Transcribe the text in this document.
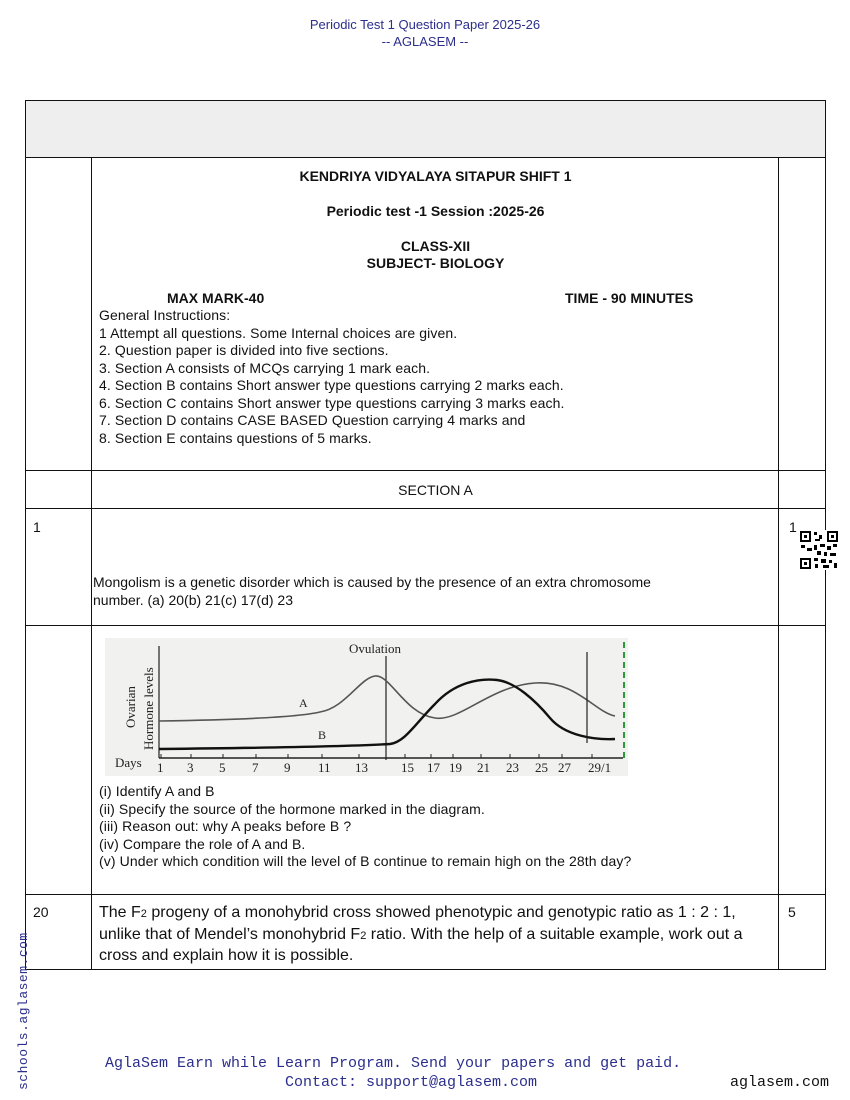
Periodic Test 1 Question Paper 2025-26
-- AGLASEM --
KENDRIYA VIDYALAYA SITAPUR SHIFT 1
Periodic test -1 Session :2025-26
CLASS-XII
SUBJECT- BIOLOGY
MAX MARK-40	TIME - 90 MINUTES
General Instructions:
1 Attempt all questions. Some Internal choices are given.
2. Question paper is divided into five sections.
3. Section A consists of MCQs carrying 1 mark each.
4. Section B contains Short answer type questions carrying 2 marks each.
6. Section C contains Short answer type questions carrying 3 marks each.
7. Section D contains CASE BASED Question carrying 4 marks and
8. Section E contains questions of 5 marks.
SECTION A
1	1
Mongolism is a genetic disorder which is caused by the presence of an extra chromosome
number. (a) 20(b) 21(c) 17(d) 23
Ovulation
Ovarian Hormone levels	A
B
Days 1 3 5 7 9 11 13	15 17 19 21 23 25 27 29/1
(i) Identify A and B
(ii) Specify the source of the hormone marked in the diagram.
(iii) Reason out: why A peaks before B ?
(iv) Compare the role of A and B.
(v) Under which condition will the level of B continue to remain high on the 28th day?
20	5
The F2 progeny of a monohybrid cross showed phenotypic and genotypic ratio as 1 : 2 : 1,
unlike that of Mendel’s monohybrid F2 ratio. With the help of a suitable example, work out a
cross and explain how it is possible.
schools.aglasem.com	AglaSem Earn while Learn Program. Send your papers and get paid.
Contact: support@aglasem.com	aglasem.com
